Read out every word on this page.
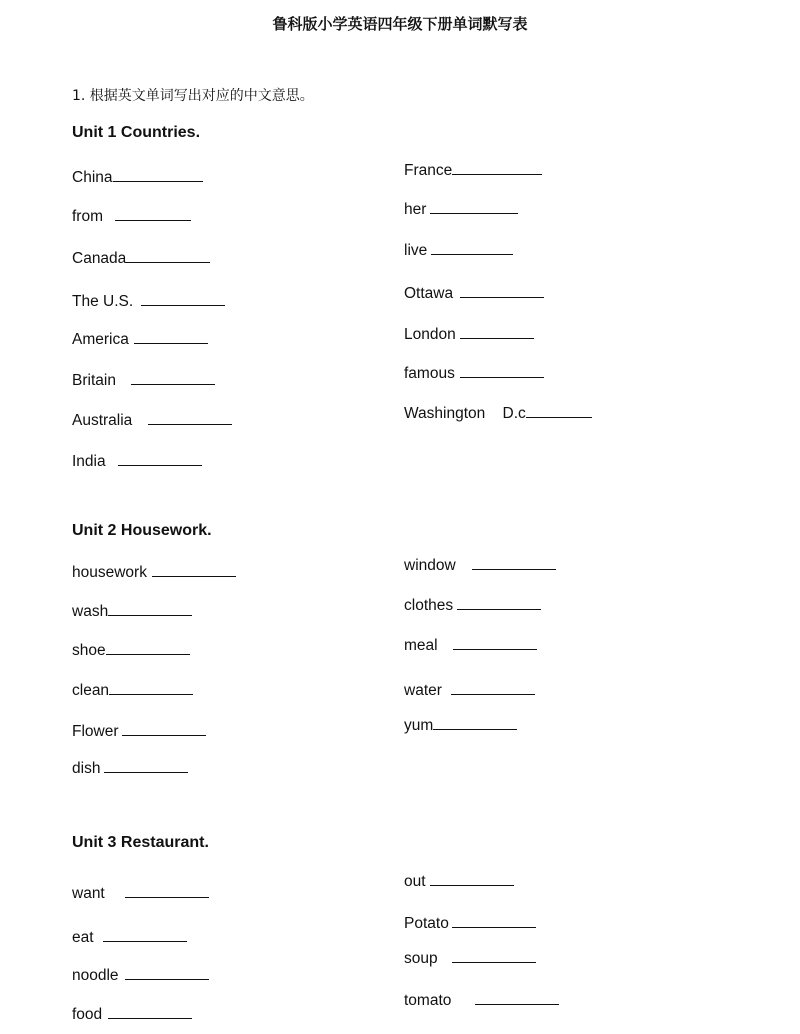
鲁科版小学英语四年级下册单词默写表
1. 根据英文单词写出对应的中文意思。
Unit 1 Countries.
China
from
Canada
The U.S.
America
Britain
Australia
India
France
her
live
Ottawa
London
famous
Washington    D.c
Unit 2 Housework.
housework
wash
shoe
clean
Flower
dish
window
clothes
meal
water
yum
Unit 3 Restaurant.
want
eat
noodle
food
out
Potato
soup
tomato
